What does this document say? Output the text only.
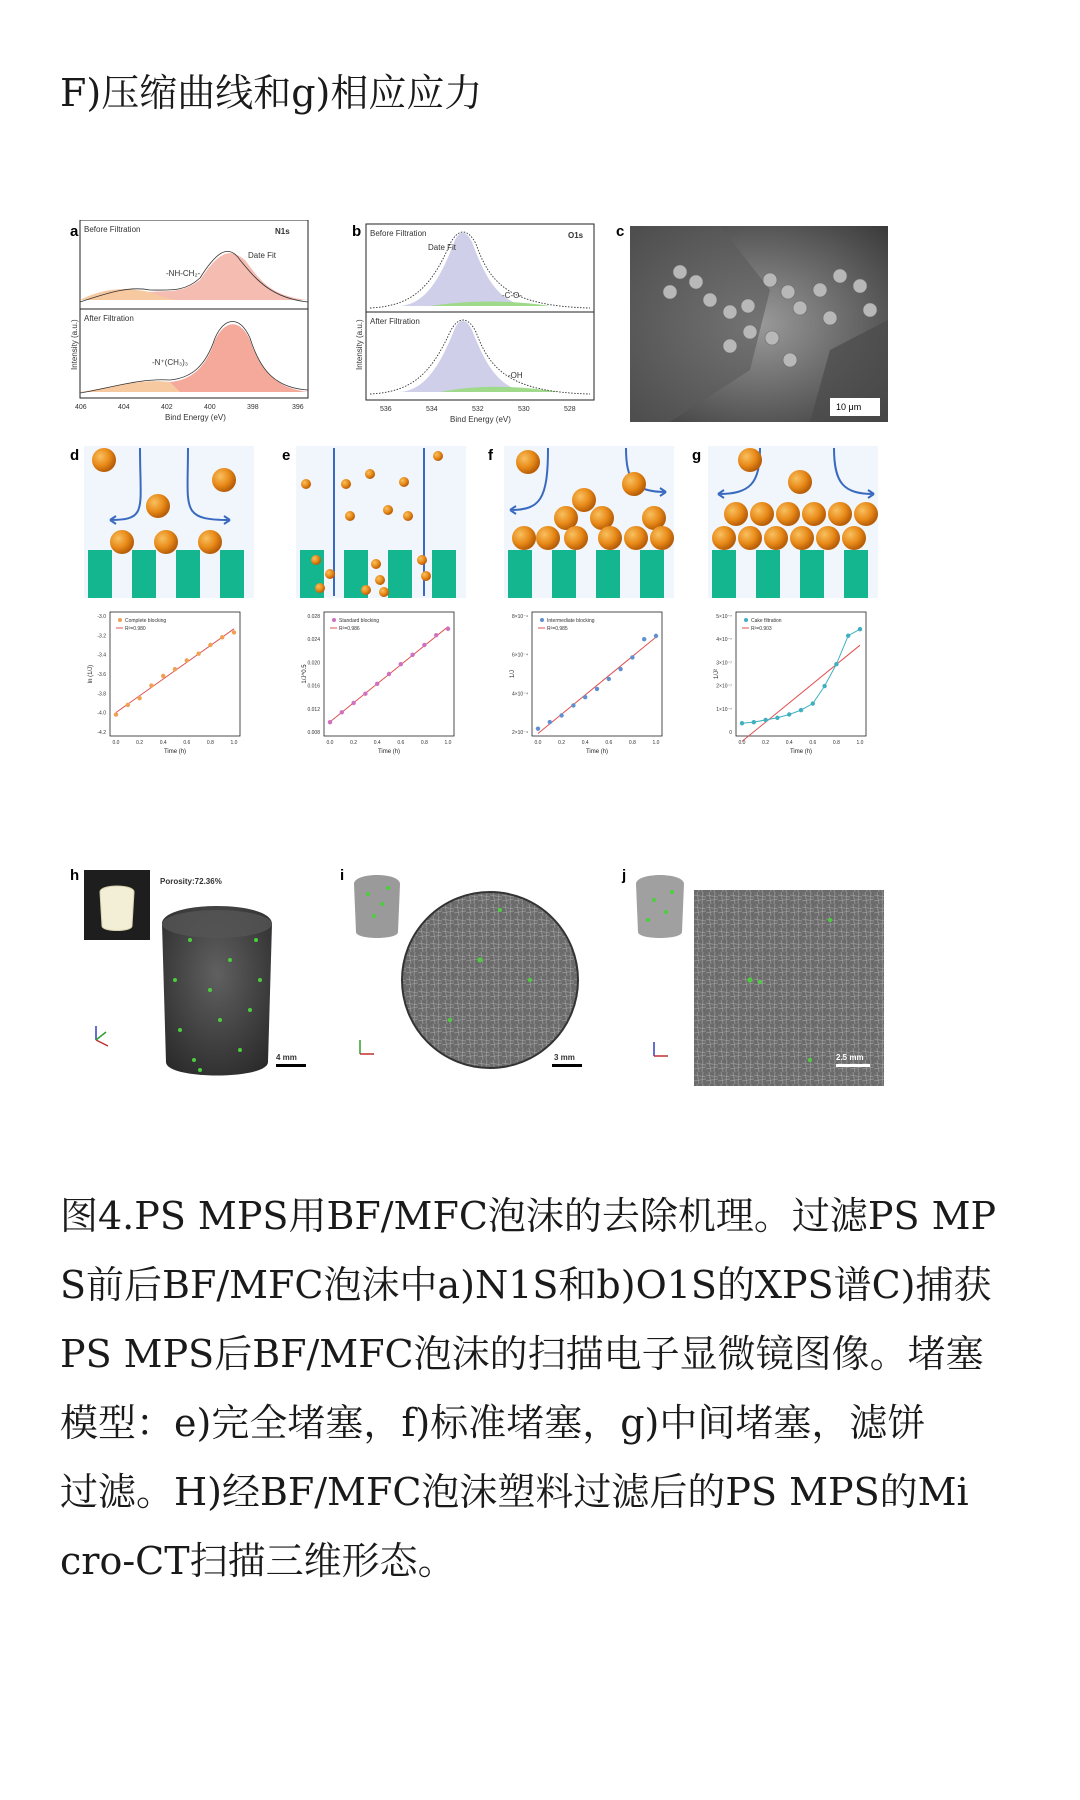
F)压缩曲线和g)相应应力
a Before Filtration	N1s
-NH-CH₂-
Date Fit
After Filtration
-N⁺(CH₃)₃
Intensity (a.u.)
406	404	402	400	398	396
Bind Energy (eV)
b Before Filtration	O1s
Date Fit
-C-O-
After Filtration
-OH
Intensity (a.u.)
536	534	532	530	528
Bind Energy (eV)
c
10 μm
d	e	f	g
Complete blocking
R²=0.980
-3.0
-3.2
-3.4
-3.6
-3.8
-4.0
-4.2
0.0	0.2	0.4	0.6	0.8	1.0
Time (h)
ln (1/J)
Standard blocking
R²=0.986
0.028
0.024
0.020
0.016
0.012
0.008
0.0	0.2	0.4	0.6	0.8	1.0
Time (h)
1/J^0.5
Intermediate blocking
R²=0.985
8×10⁻⁴
6×10⁻⁴
4×10⁻⁴
2×10⁻⁴
0.0	0.2	0.4	0.6	0.8	1.0
Time (h)
1/J
Cake filtration
R²=0.903
5×10⁻⁷
4×10⁻⁷
3×10⁻⁷
2×10⁻⁷
1×10⁻⁷
0
0.0	0.2	0.4	0.6	0.8	1.0
Time (h)
1/J²
h	Porosity:72.36%
4 mm
i
3 mm
j
2.5 mm
图4.PS MPS用BF/MFC泡沫的去除机理。过滤PS MP
S前后BF/MFC泡沫中a)N1S和b)O1S的XPS谱C)捕获
PS MPS后BF/MFC泡沫的扫描电子显微镜图像。堵塞
模型：e)完全堵塞，f)标准堵塞，g)中间堵塞，滤饼
过滤。H)经BF/MFC泡沫塑料过滤后的PS MPS的Mi
cro-CT扫描三维形态。
